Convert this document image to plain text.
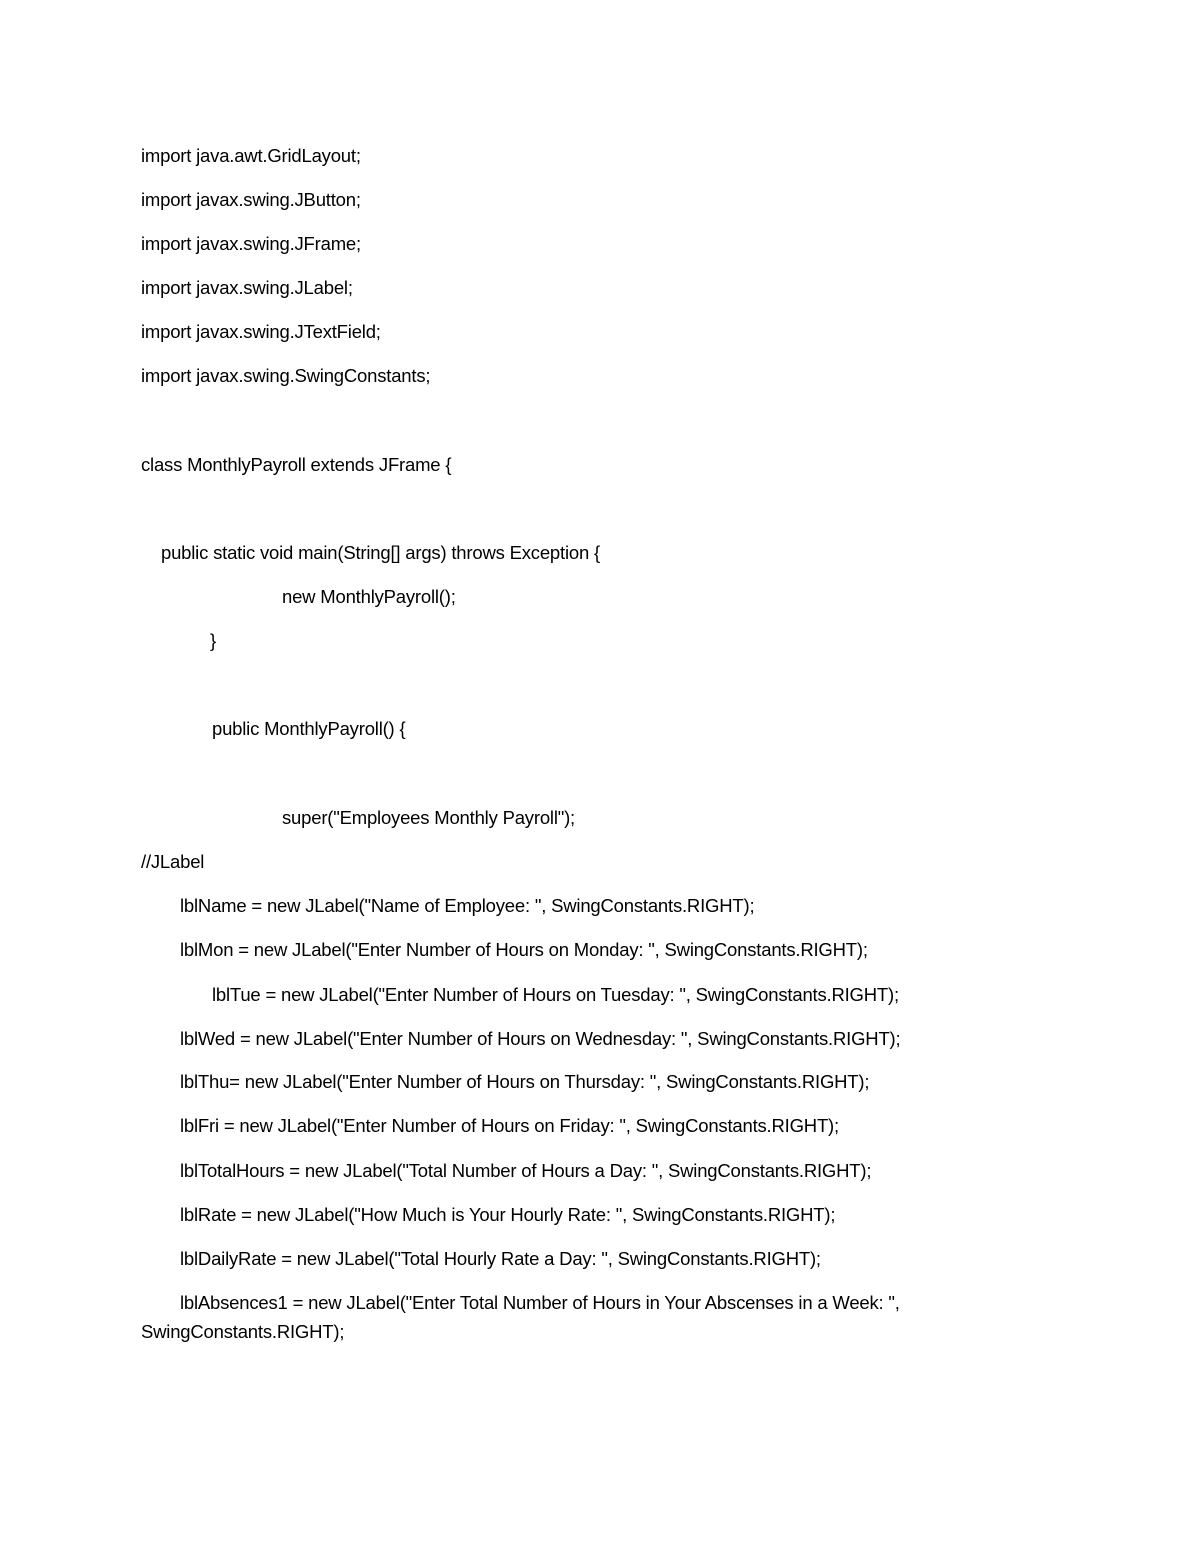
import java.awt.GridLayout;
import javax.swing.JButton;
import javax.swing.JFrame;
import javax.swing.JLabel;
import javax.swing.JTextField;
import javax.swing.SwingConstants;
class MonthlyPayroll extends JFrame {
public static void main(String[] args) throws Exception {
new MonthlyPayroll();
}
public MonthlyPayroll() {
super("Employees Monthly Payroll");
//JLabel
lblName = new JLabel("Name of Employee: ", SwingConstants.RIGHT);
lblMon = new JLabel("Enter Number of Hours on Monday: ", SwingConstants.RIGHT);
lblTue = new JLabel("Enter Number of Hours on Tuesday: ", SwingConstants.RIGHT);
lblWed = new JLabel("Enter Number of Hours on Wednesday: ", SwingConstants.RIGHT);
lblThu= new JLabel("Enter Number of Hours on Thursday: ", SwingConstants.RIGHT);
lblFri = new JLabel("Enter Number of Hours on Friday: ", SwingConstants.RIGHT);
lblTotalHours = new JLabel("Total Number of Hours a Day: ", SwingConstants.RIGHT);
lblRate = new JLabel("How Much is Your Hourly Rate: ", SwingConstants.RIGHT);
lblDailyRate = new JLabel("Total Hourly Rate a Day: ", SwingConstants.RIGHT);
lblAbsences1 = new JLabel("Enter Total Number of Hours in Your Abscenses in a Week: ",
SwingConstants.RIGHT);
